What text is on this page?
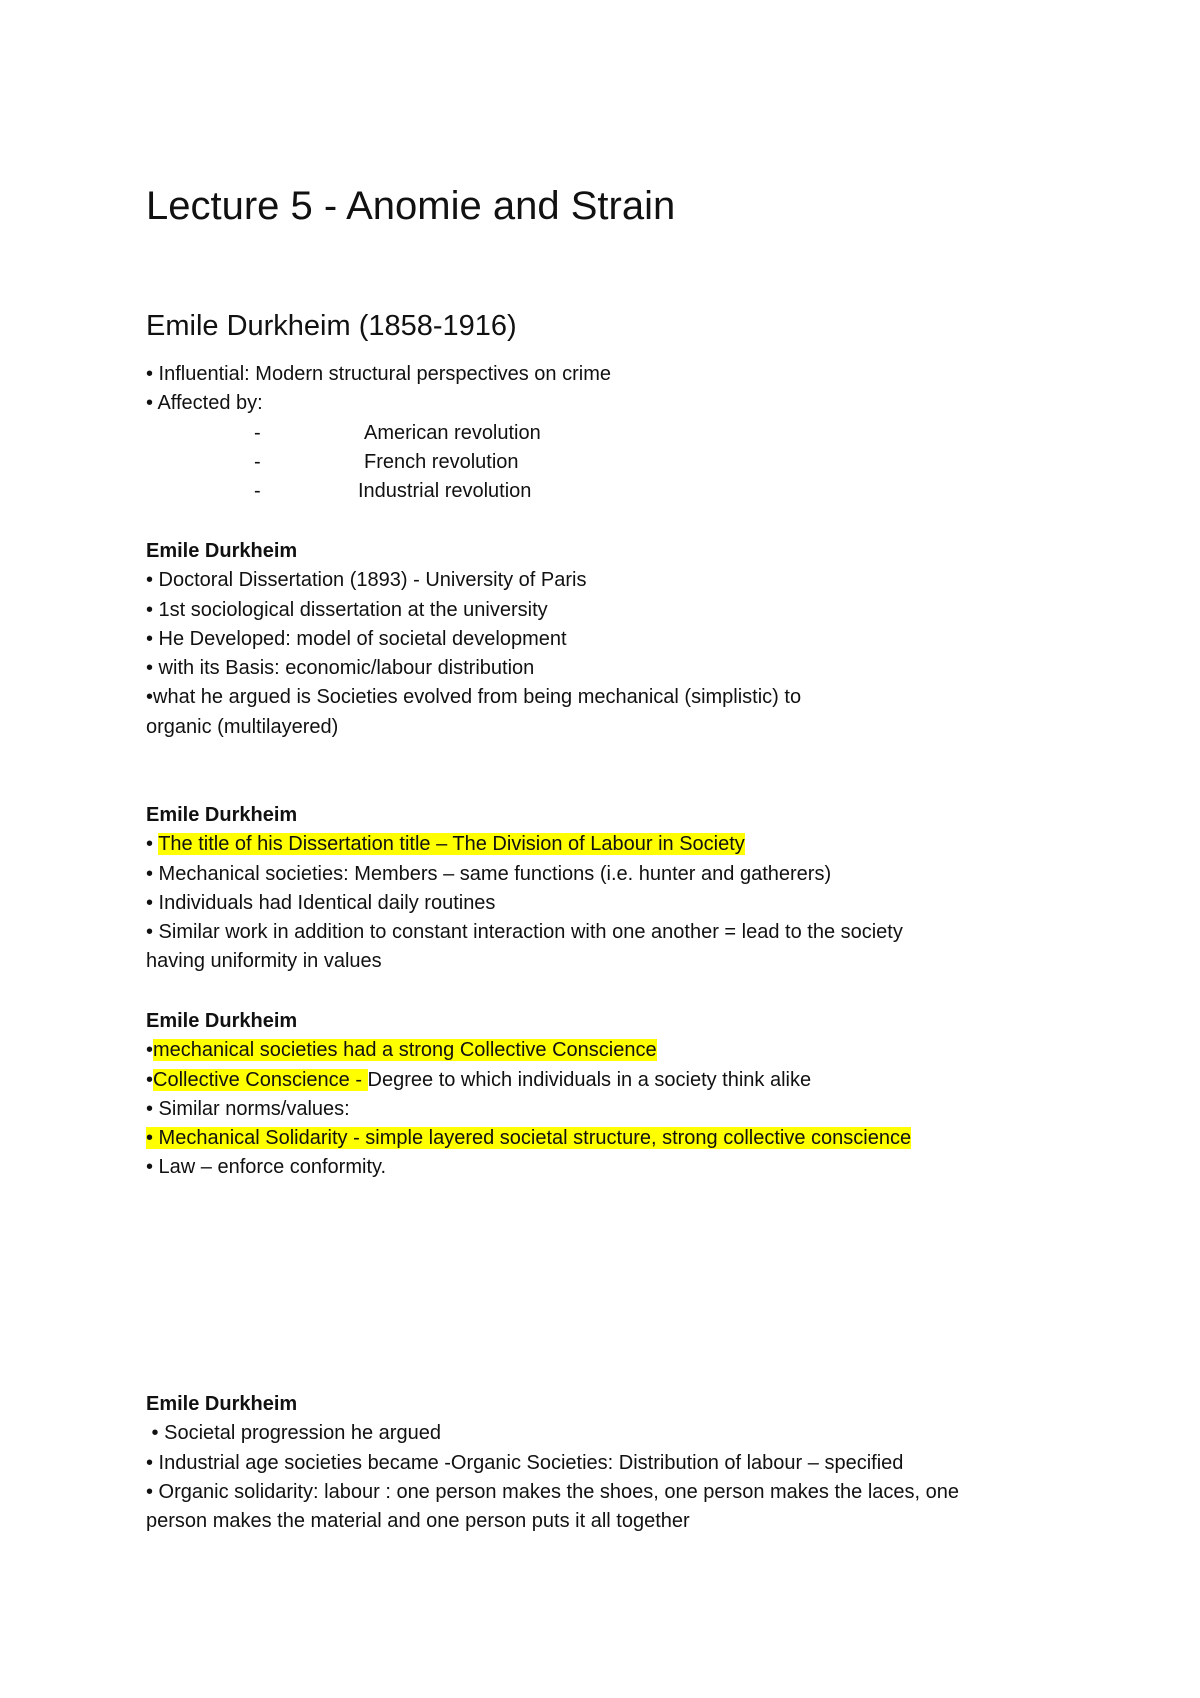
Lecture 5 - Anomie and Strain
Emile Durkheim (1858-1916)
• Influential: Modern structural perspectives on crime
• Affected by:
-	American revolution
-	French revolution
-	Industrial revolution
Emile Durkheim
• Doctoral Dissertation (1893) - University of Paris
• 1st sociological dissertation at the university
• He Developed: model of societal development
• with its Basis: economic/labour distribution
•what he argued is Societies evolved from being mechanical (simplistic) to
organic (multilayered)
Emile Durkheim
• The title of his Dissertation title – The Division of Labour in Society
• Mechanical societies: Members – same functions (i.e. hunter and gatherers)
• Individuals had Identical daily routines
• Similar work in addition to constant interaction with one another = lead to the society
having uniformity in values
Emile Durkheim
•mechanical societies had a strong Collective Conscience
•Collective Conscience - Degree to which individuals in a society think alike
• Similar norms/values:
• Mechanical Solidarity - simple layered societal structure, strong collective conscience
• Law – enforce conformity.
Emile Durkheim
• Societal progression he argued
• Industrial age societies became -Organic Societies: Distribution of labour – specified
• Organic solidarity: labour : one person makes the shoes, one person makes the laces, one
person makes the material and one person puts it all together
